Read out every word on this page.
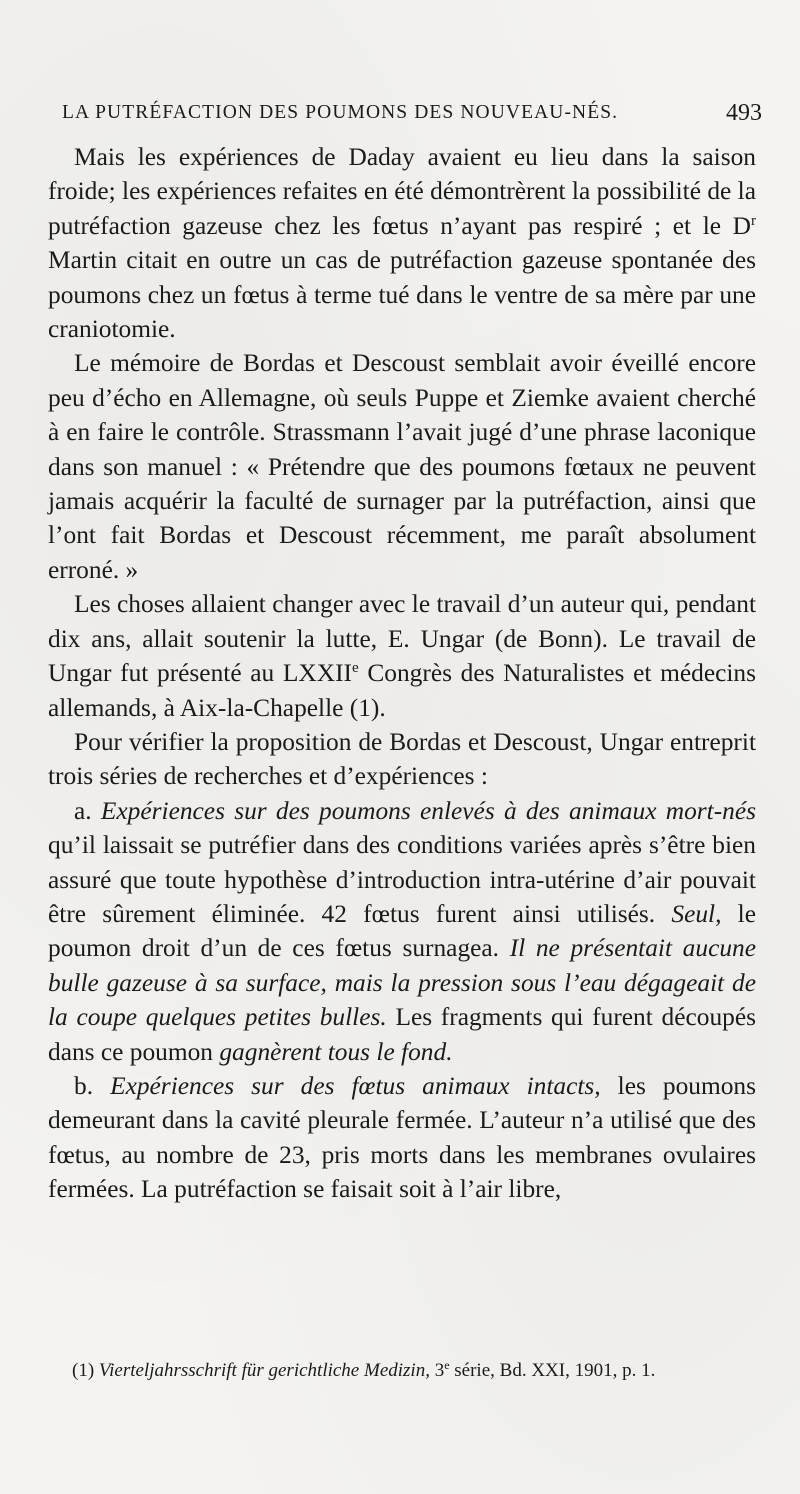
LA PUTRÉFACTION DES POUMONS DES NOUVEAU-NÉS.	493

Mais les expériences de Daday avaient eu lieu dans la saison froide; les expériences refaites en été démontrèrent la possibilité de la putréfaction gazeuse chez les fœtus n’ayant pas respiré ; et le $D^r$ Martin citait en outre un cas de putréfaction gazeuse spontanée des poumons chez un fœtus à terme tué dans le ventre de sa mère par une craniotomie.

Le mémoire de Bordas et Descoust semblait avoir éveillé encore peu d’écho en Allemagne, où seuls Puppe et Ziemke avaient cherché à en faire le contrôle. Strassmann l’avait jugé d’une phrase laconique dans son manuel : « Prétendre que des poumons fœtaux ne peuvent jamais acquérir la faculté de surnager par la putréfaction, ainsi que l’ont fait Bordas et Descoust récemment, me paraît absolument erroné. »

Les choses allaient changer avec le travail d’un auteur qui, pendant dix ans, allait soutenir la lutte, E. Ungar (de Bonn). Le travail de Ungar fut présenté au LXXIIe Congrès des Naturalistes et médecins allemands, à Aix-la-Chapelle (1).

Pour vérifier la proposition de Bordas et Descoust, Ungar entreprit trois séries de recherches et d’expériences :

a. Expériences sur des poumons enlevés à des animaux mort-nés qu’il laissait se putréfier dans des conditions variées après s’être bien assuré que toute hypothèse d’introduction intra-utérine d’air pouvait être sûrement éliminée. 42 fœtus furent ainsi utilisés. Seul, le poumon droit d’un de ces fœtus surnagea. Il ne présentait aucune bulle gazeuse à sa surface, mais la pression sous l’eau dégageait de la coupe quelques petites bulles. Les fragments qui furent découpés dans ce poumon gagnèrent tous le fond.

b. Expériences sur des fœtus animaux intacts, les poumons demeurant dans la cavité pleurale fermée. L’auteur n’a utilisé que des fœtus, au nombre de 23, pris morts dans les membranes ovulaires fermées. La putréfaction se faisait soit à l’air libre,

(1) Vierteljahrsschrift für gerichtliche Medizin, 3e série, Bd. XXI, 1901, p. 1.
